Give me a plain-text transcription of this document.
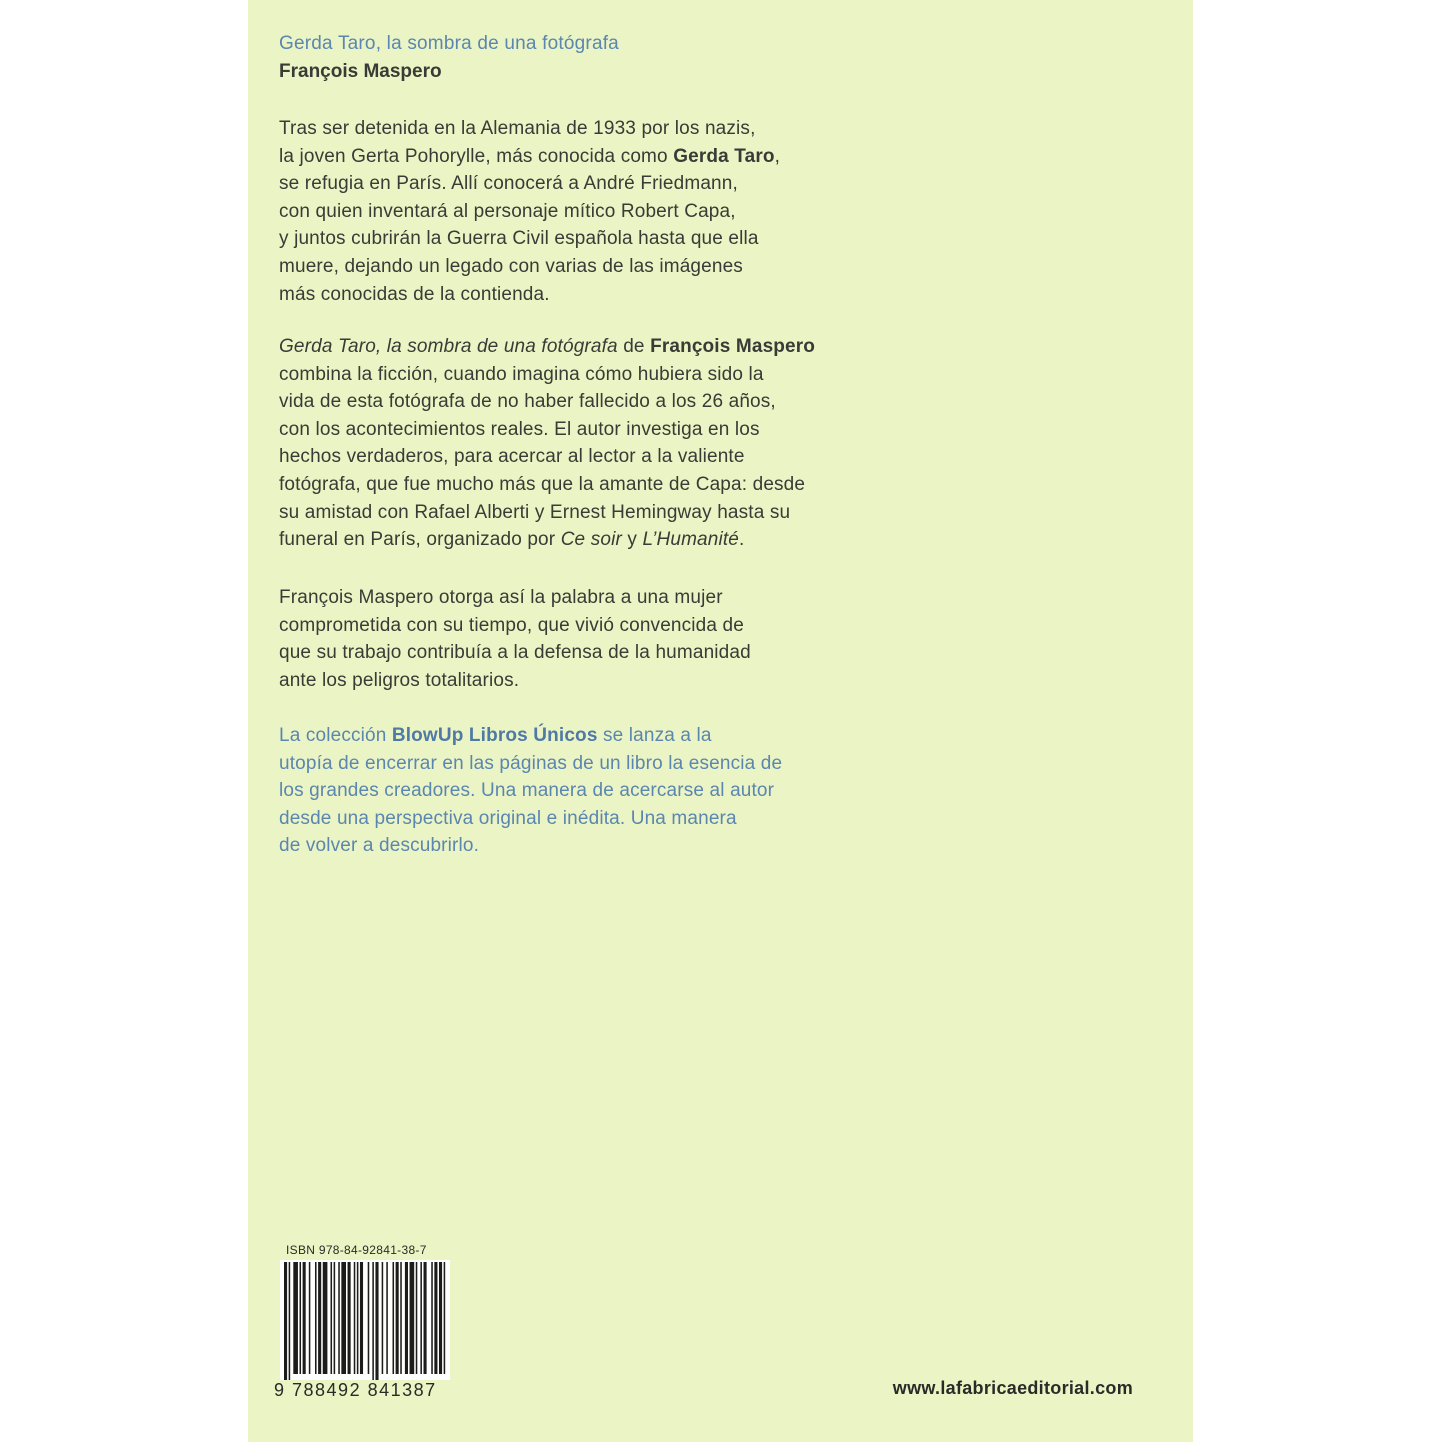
Gerda Taro, la sombra de una fotógrafa
François Maspero
Tras ser detenida en la Alemania de 1933 por los nazis,
la joven Gerta Pohorylle, más conocida como Gerda Taro,
se refugia en París. Allí conocerá a André Friedmann,
con quien inventará al personaje mítico Robert Capa,
y juntos cubrirán la Guerra Civil española hasta que ella
muere, dejando un legado con varias de las imágenes
más conocidas de la contienda.
Gerda Taro, la sombra de una fotógrafa de François Maspero
combina la ficción, cuando imagina cómo hubiera sido la
vida de esta fotógrafa de no haber fallecido a los 26 años,
con los acontecimientos reales. El autor investiga en los
hechos verdaderos, para acercar al lector a la valiente
fotógrafa, que fue mucho más que la amante de Capa: desde
su amistad con Rafael Alberti y Ernest Hemingway hasta su
funeral en París, organizado por Ce soir y L’Humanité.
François Maspero otorga así la palabra a una mujer
comprometida con su tiempo, que vivió convencida de
que su trabajo contribuía a la defensa de la humanidad
ante los peligros totalitarios.
La colección BlowUp Libros Únicos se lanza a la
utopía de encerrar en las páginas de un libro la esencia de
los grandes creadores. Una manera de acercarse al autor
desde una perspectiva original e inédita. Una manera
de volver a descubrirlo.
ISBN 978-84-92841-38-7
9 788492 841387	www.lafabricaeditorial.com
